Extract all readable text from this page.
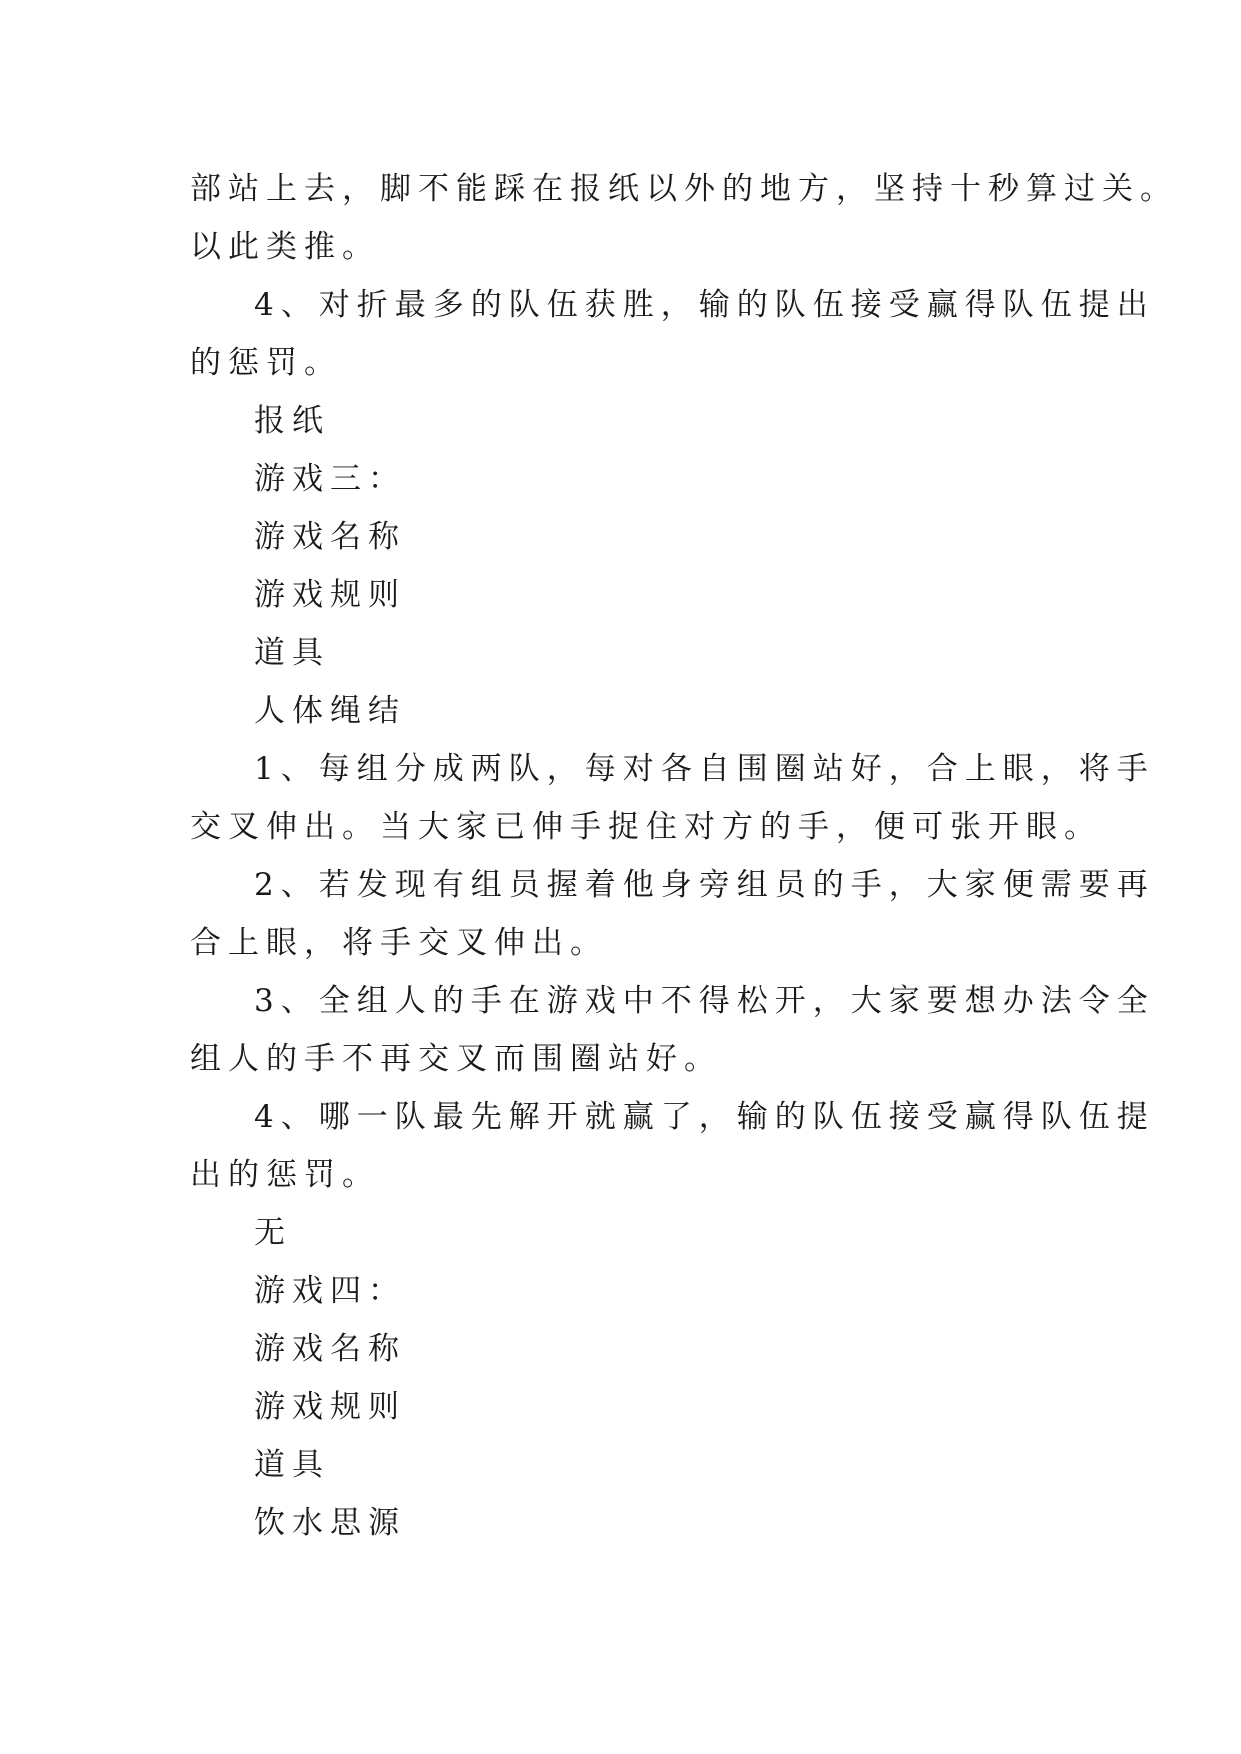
部站上去，脚不能踩在报纸以外的地方，坚持十秒算过关。
以此类推。
4、对折最多的队伍获胜，输的队伍接受赢得队伍提出
的惩罚。
报纸
游戏三：
游戏名称
游戏规则
道具
人体绳结
1、每组分成两队，每对各自围圈站好，合上眼，将手
交叉伸出。当大家已伸手捉住对方的手，便可张开眼。
2、若发现有组员握着他身旁组员的手，大家便需要再
合上眼，将手交叉伸出。
3、全组人的手在游戏中不得松开，大家要想办法令全
组人的手不再交叉而围圈站好。
4、哪一队最先解开就赢了，输的队伍接受赢得队伍提
出的惩罚。
无
游戏四：
游戏名称
游戏规则
道具
饮水思源
